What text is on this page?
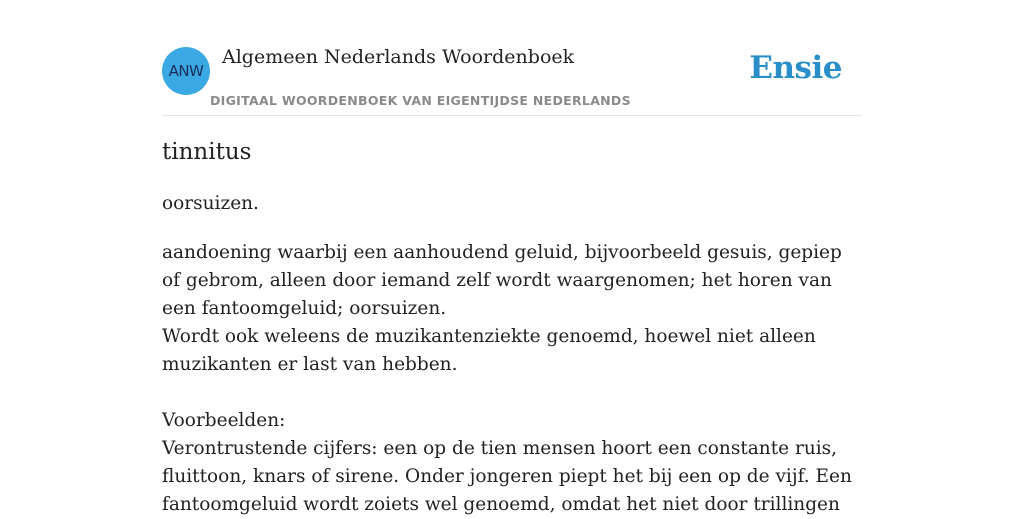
ANW
Algemeen Nederlands Woordenboek
DIGITAAL WOORDENBOEK VAN EIGENTIJDSE NEDERLANDS
Ensie
tinnitus
oorsuizen.

aandoening waarbij een aanhoudend geluid, bijvoorbeeld gesuis, gepiep of gebrom, alleen door iemand zelf wordt waargenomen; het horen van een fantoomgeluid; oorsuizen.
Wordt ook weleens de muzikantenziekte genoemd, hoewel niet alleen muzikanten er last van hebben.

Voorbeelden:
Verontrustende cijfers: een op de tien mensen hoort een constante ruis, fluittoon, knars of sirene. Onder jongeren piept het bij een op de vijf. Een fantoomgeluid wordt zoiets wel genoemd, omdat het niet door trillingen
